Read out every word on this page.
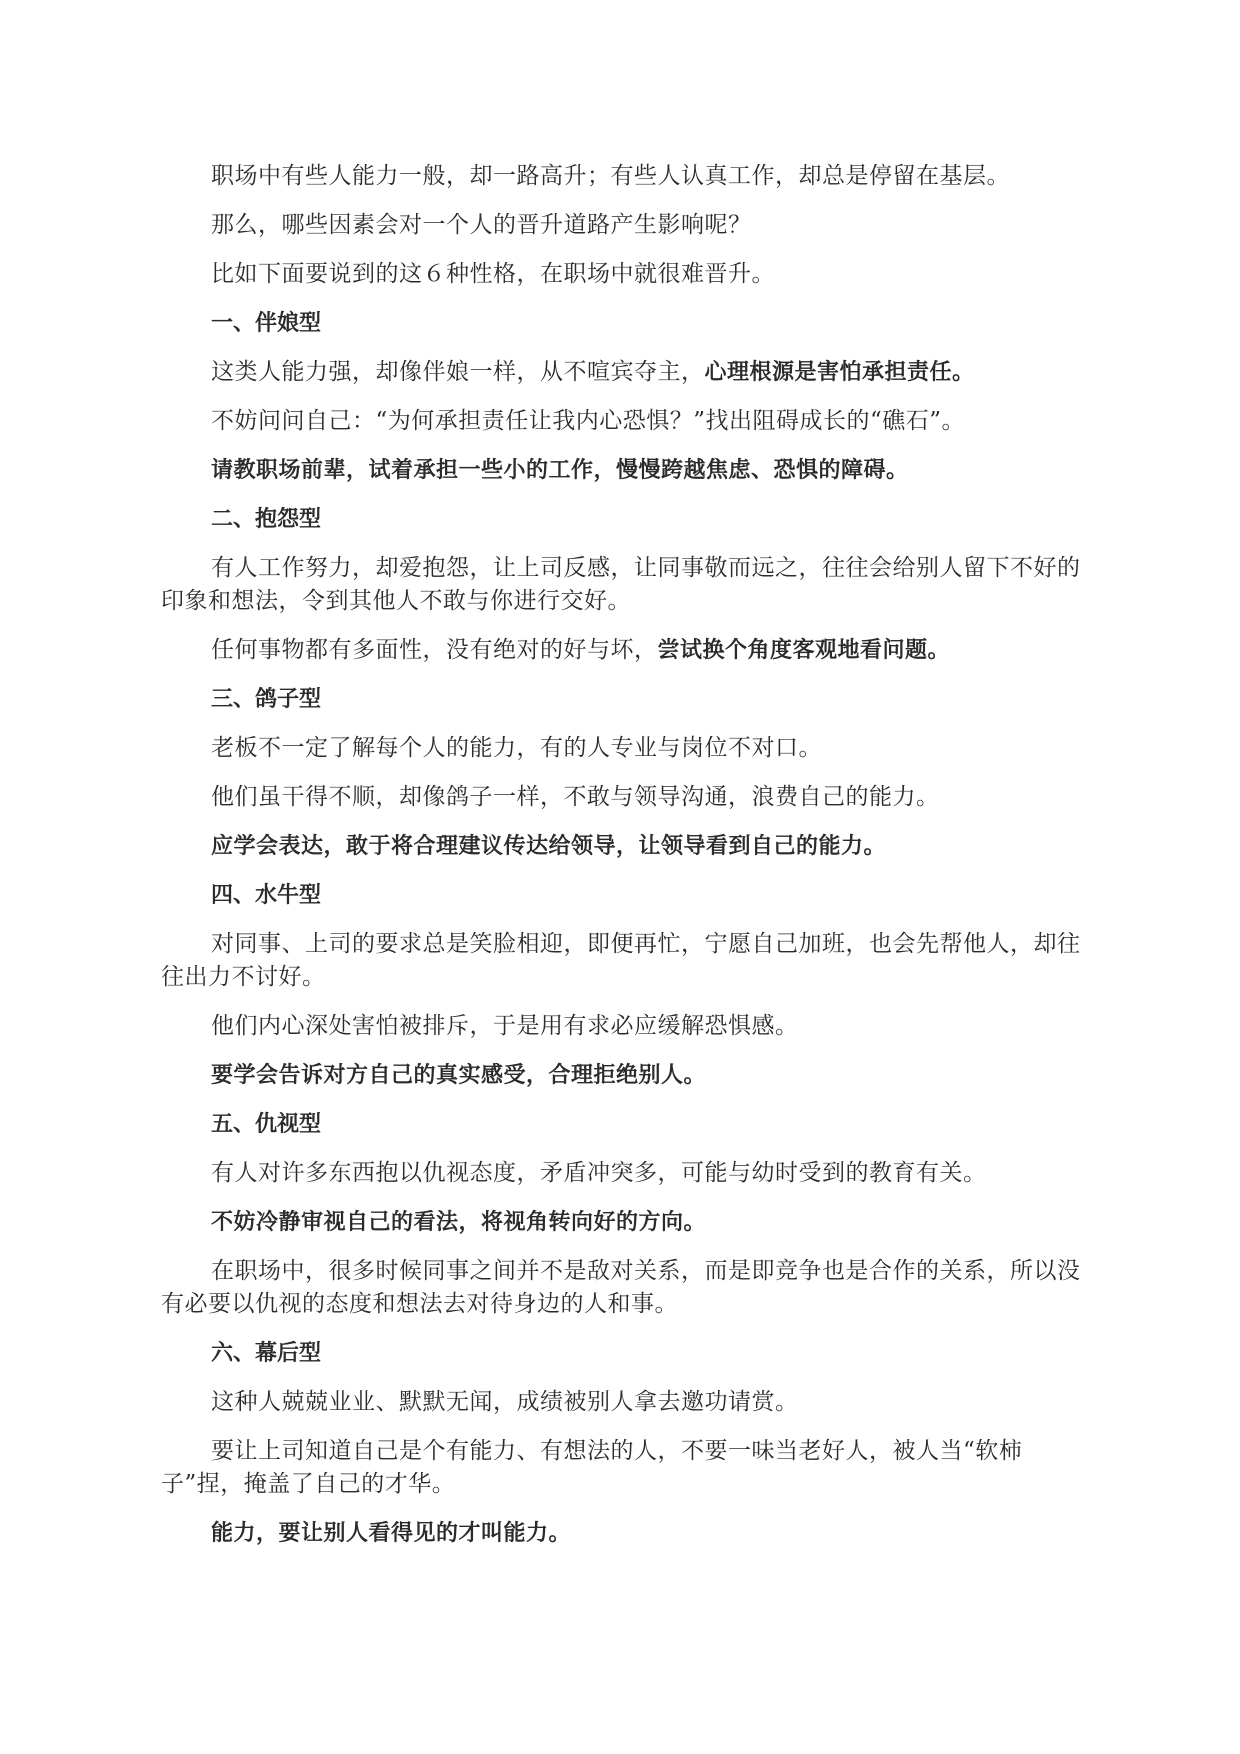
职场中有些人能力一般，却一路高升；有些人认真工作，却总是停留在基层。

那么，哪些因素会对一个人的晋升道路产生影响呢？

比如下面要说到的这６种性格，在职场中就很难晋升。

一、伴娘型

这类人能力强，却像伴娘一样，从不喧宾夺主，心理根源是害怕承担责任。

不妨问问自己：“为何承担责任让我内心恐惧？”找出阻碍成长的“礁石”。

请教职场前辈，试着承担一些小的工作，慢慢跨越焦虑、恐惧的障碍。

二、抱怨型

有人工作努力，却爱抱怨，让上司反感，让同事敬而远之，往往会给别人留下不好的印象和想法，令到其他人不敢与你进行交好。

任何事物都有多面性，没有绝对的好与坏，尝试换个角度客观地看问题。

三、鸽子型

老板不一定了解每个人的能力，有的人专业与岗位不对口。

他们虽干得不顺，却像鸽子一样，不敢与领导沟通，浪费自己的能力。

应学会表达，敢于将合理建议传达给领导，让领导看到自己的能力。

四、水牛型

对同事、上司的要求总是笑脸相迎，即便再忙，宁愿自己加班，也会先帮他人，却往往出力不讨好。

他们内心深处害怕被排斥，于是用有求必应缓解恐惧感。

要学会告诉对方自己的真实感受，合理拒绝别人。

五、仇视型

有人对许多东西抱以仇视态度，矛盾冲突多，可能与幼时受到的教育有关。

不妨冷静审视自己的看法，将视角转向好的方向。

在职场中，很多时候同事之间并不是敌对关系，而是即竞争也是合作的关系，所以没有必要以仇视的态度和想法去对待身边的人和事。

六、幕后型

这种人兢兢业业、默默无闻，成绩被别人拿去邀功请赏。

要让上司知道自己是个有能力、有想法的人，不要一味当老好人，被人当“软柿子”捏，掩盖了自己的才华。

能力，要让别人看得见的才叫能力。
